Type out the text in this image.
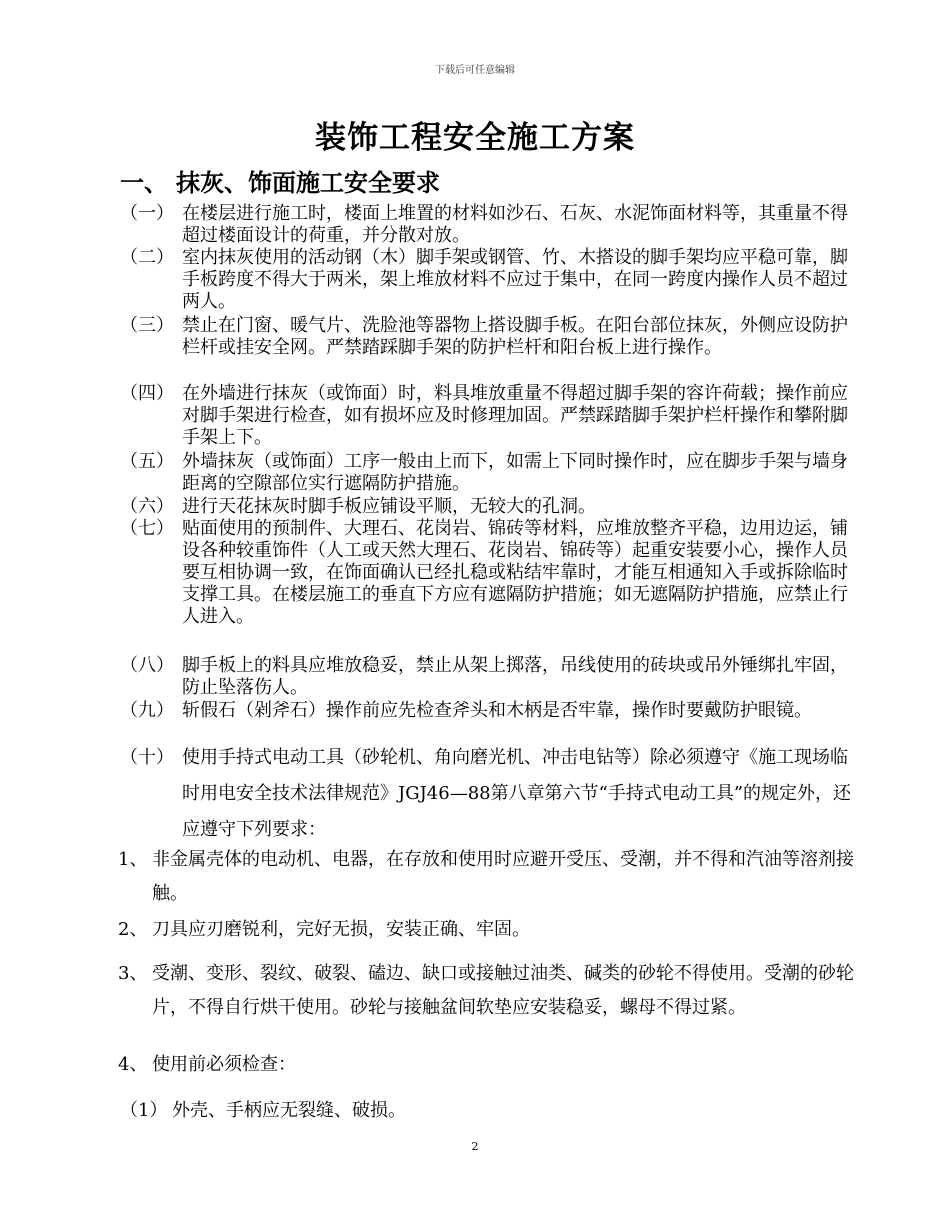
下载后可任意编辑
装饰工程安全施工方案
一、 抹灰、饰面施工安全要求
（一） 在楼层进行施工时，楼面上堆置的材料如沙石、石灰、水泥饰面材料等，其重量不得超过楼面设计的荷重，并分散对放。
（二） 室内抹灰使用的活动钢（木）脚手架或钢管、竹、木搭设的脚手架均应平稳可靠，脚手板跨度不得大于两米，架上堆放材料不应过于集中，在同一跨度内操作人员不超过两人。
（三） 禁止在门窗、暖气片、洗脸池等器物上搭设脚手板。在阳台部位抹灰，外侧应设防护栏杆或挂安全网。严禁踏踩脚手架的防护栏杆和阳台板上进行操作。
（四） 在外墙进行抹灰（或饰面）时，料具堆放重量不得超过脚手架的容许荷载；操作前应对脚手架进行检查，如有损坏应及时修理加固。严禁踩踏脚手架护栏杆操作和攀附脚手架上下。
（五） 外墙抹灰（或饰面）工序一般由上而下，如需上下同时操作时，应在脚步手架与墙身距离的空隙部位实行遮隔防护措施。
（六） 进行天花抹灰时脚手板应铺设平顺，无较大的孔洞。
（七） 贴面使用的预制件、大理石、花岗岩、锦砖等材料，应堆放整齐平稳，边用边运，铺设各种较重饰件（人工或天然大理石、花岗岩、锦砖等）起重安装要小心，操作人员要互相协调一致，在饰面确认已经扎稳或粘结牢靠时，才能互相通知入手或拆除临时支撑工具。在楼层施工的垂直下方应有遮隔防护措施；如无遮隔防护措施，应禁止行人进入。
（八） 脚手板上的料具应堆放稳妥，禁止从架上掷落，吊线使用的砖块或吊外锤绑扎牢固，防止坠落伤人。
（九） 斩假石（剁斧石）操作前应先检查斧头和木柄是否牢靠，操作时要戴防护眼镜。
（十） 使用手持式电动工具（砂轮机、角向磨光机、冲击电钻等）除必须遵守《施工现场临时用电安全技术法律规范》JGJ46—88第八章第六节“手持式电动工具”的规定外，还应遵守下列要求：
1、 非金属壳体的电动机、电器，在存放和使用时应避开受压、受潮，并不得和汽油等溶剂接触。
2、 刀具应刃磨锐利，完好无损，安装正确、牢固。
3、 受潮、变形、裂纹、破裂、磕边、缺口或接触过油类、碱类的砂轮不得使用。受潮的砂轮片，不得自行烘干使用。砂轮与接触盆间软垫应安装稳妥，螺母不得过紧。
4、 使用前必须检查：
（1） 外壳、手柄应无裂缝、破损。
2
